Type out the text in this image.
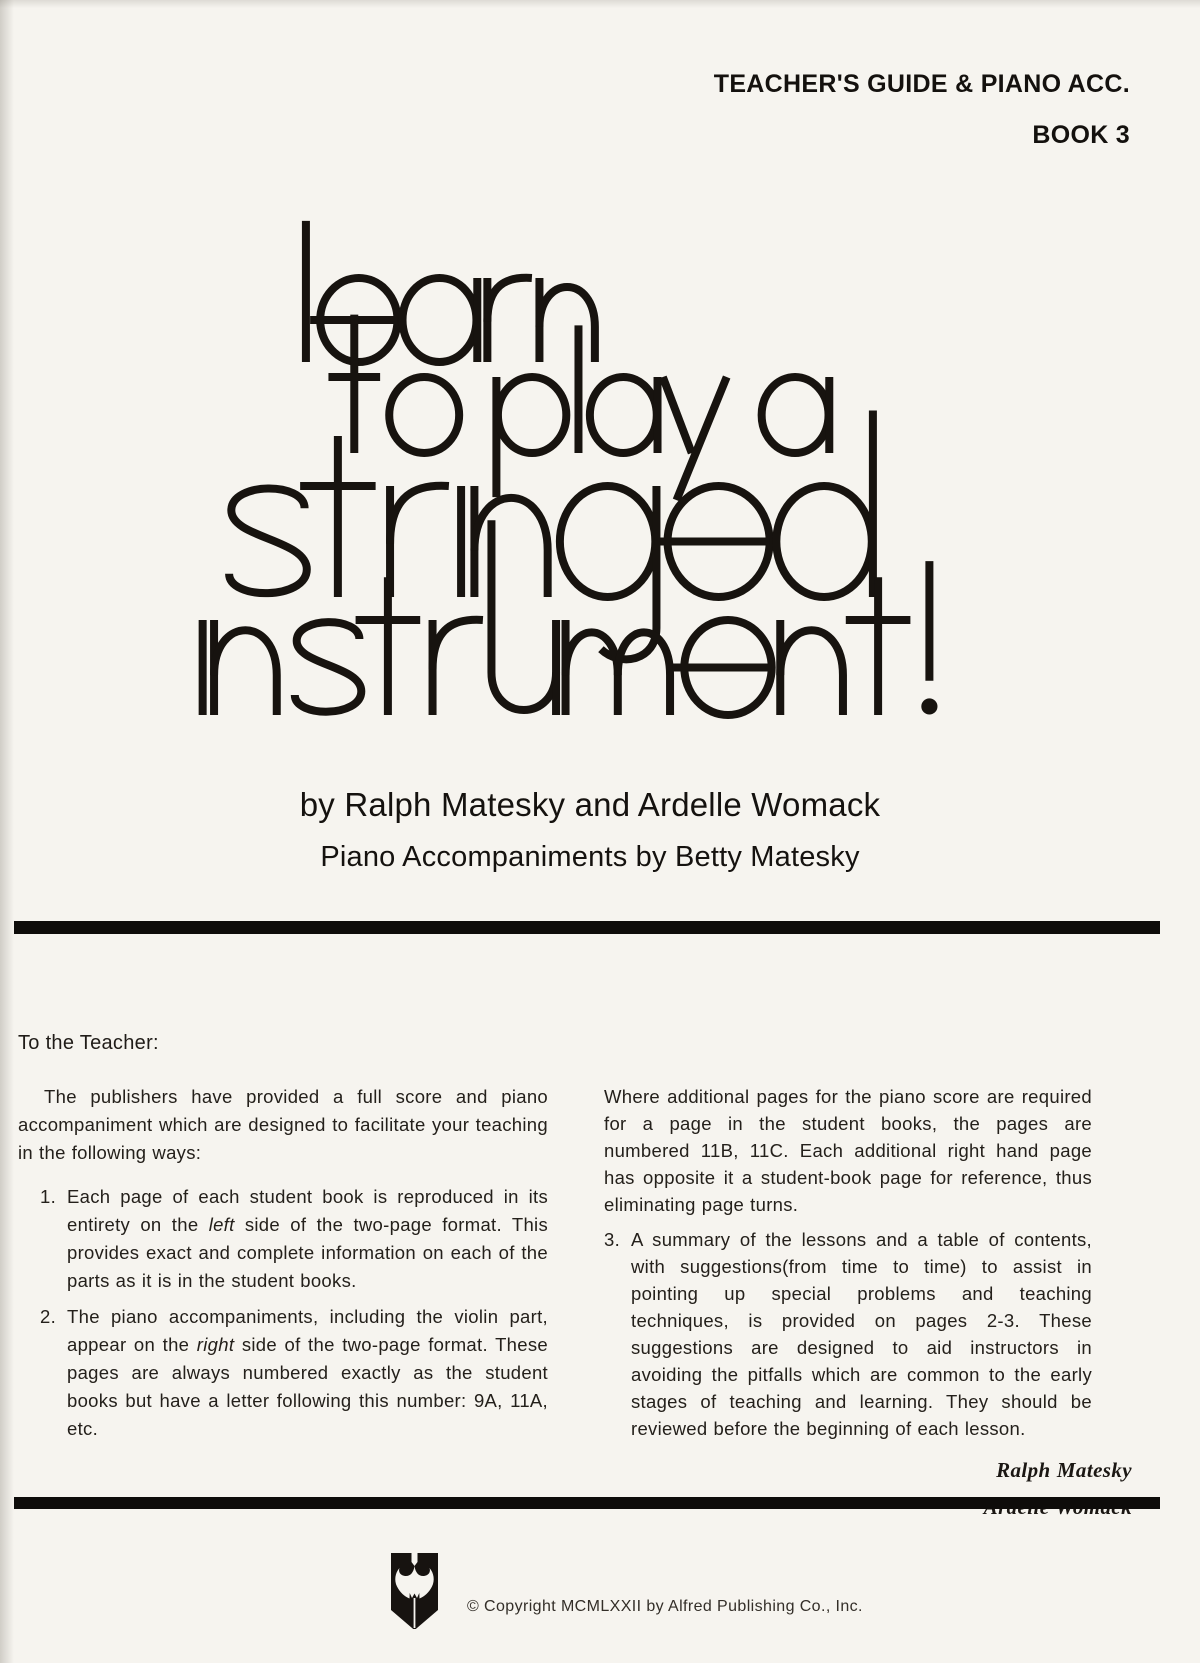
TEACHER'S GUIDE & PIANO ACC.
BOOK 3
by Ralph Matesky and Ardelle Womack
Piano Accompaniments by Betty Matesky
To the Teacher:

The publishers have provided a full score and piano accompaniment which are designed to facilitate your teaching in the following ways:

1. Each page of each student book is reproduced in its entirety on the left side of the two-page format. This provides exact and complete information on each of the parts as it is in the student books.
2. The piano accompaniments, including the violin part, appear on the right side of the two-page format. These pages are always numbered exactly as the student books but have a letter following this number: 9A, 11A, etc.

Where additional pages for the piano score are required for a page in the student books, the pages are numbered 11B, 11C. Each additional right hand page has opposite it a student-book page for reference, thus eliminating page turns.

3. A summary of the lessons and a table of contents, with suggestions(from time to time) to assist in pointing up special problems and teaching techniques, is provided on pages 2-3. These suggestions are designed to aid instructors in avoiding the pitfalls which are common to the early stages of teaching and learning. They should be reviewed before the beginning of each lesson.
Ralph Matesky
© Copyright MCMLXXII by Alfred Publishing Co., Inc.
